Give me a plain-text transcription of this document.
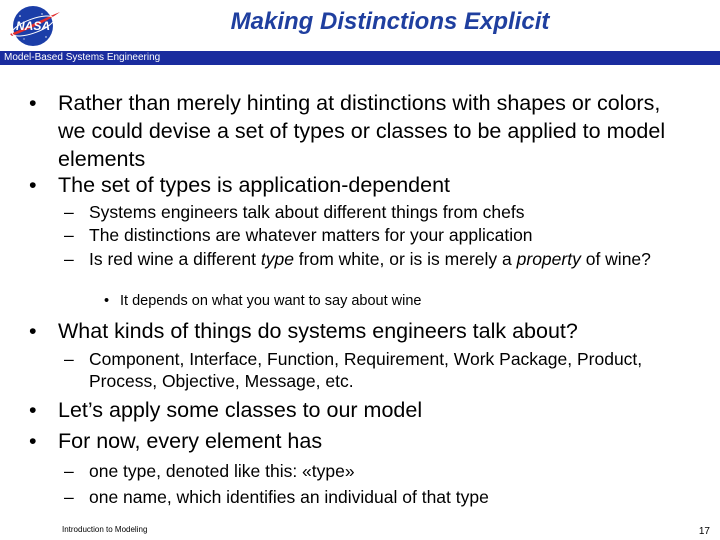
NASA	Making Distinctions Explicit
Model-Based Systems Engineering
• Rather than merely hinting at distinctions with shapes or colors, we could devise a set of types or classes to be applied to model elements
• The set of types is application-dependent
– Systems engineers talk about different things from chefs
– The distinctions are whatever matters for your application
– Is red wine a different type from white, or is is merely a property of wine?
• It depends on what you want to say about wine
• What kinds of things do systems engineers talk about?
– Component, Interface, Function, Requirement, Work Package, Product, Process, Objective, Message, etc.
• Let’s apply some classes to our model
• For now, every element has
– one type, denoted like this: «type»
– one name, which identifies an individual of that type
Introduction to Modeling	17
